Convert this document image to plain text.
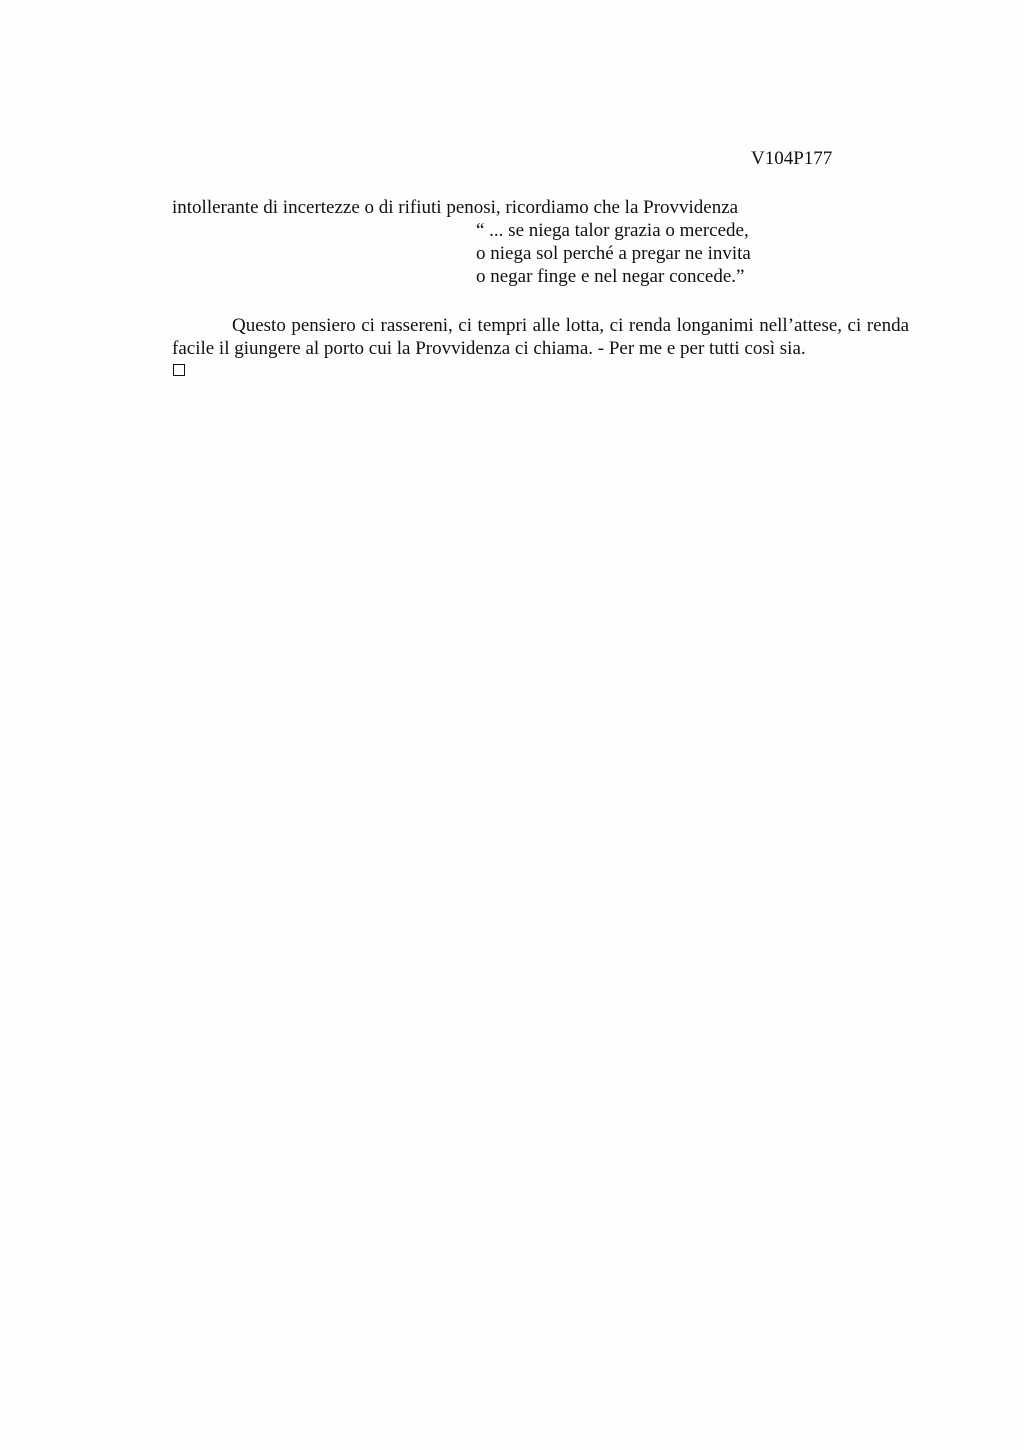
V104P177
intollerante di incertezze o di rifiuti penosi, ricordiamo che la Provvidenza
“ ... se niega talor grazia o mercede,
o niega sol perché a pregar ne invita
o negar finge e nel negar concede.”
Questo pensiero ci rassereni, ci tempri alle lotta, ci renda longanimi nell’attese, ci renda facile il giungere al porto cui la Provvidenza ci chiama. - Per me e per tutti così sia.
